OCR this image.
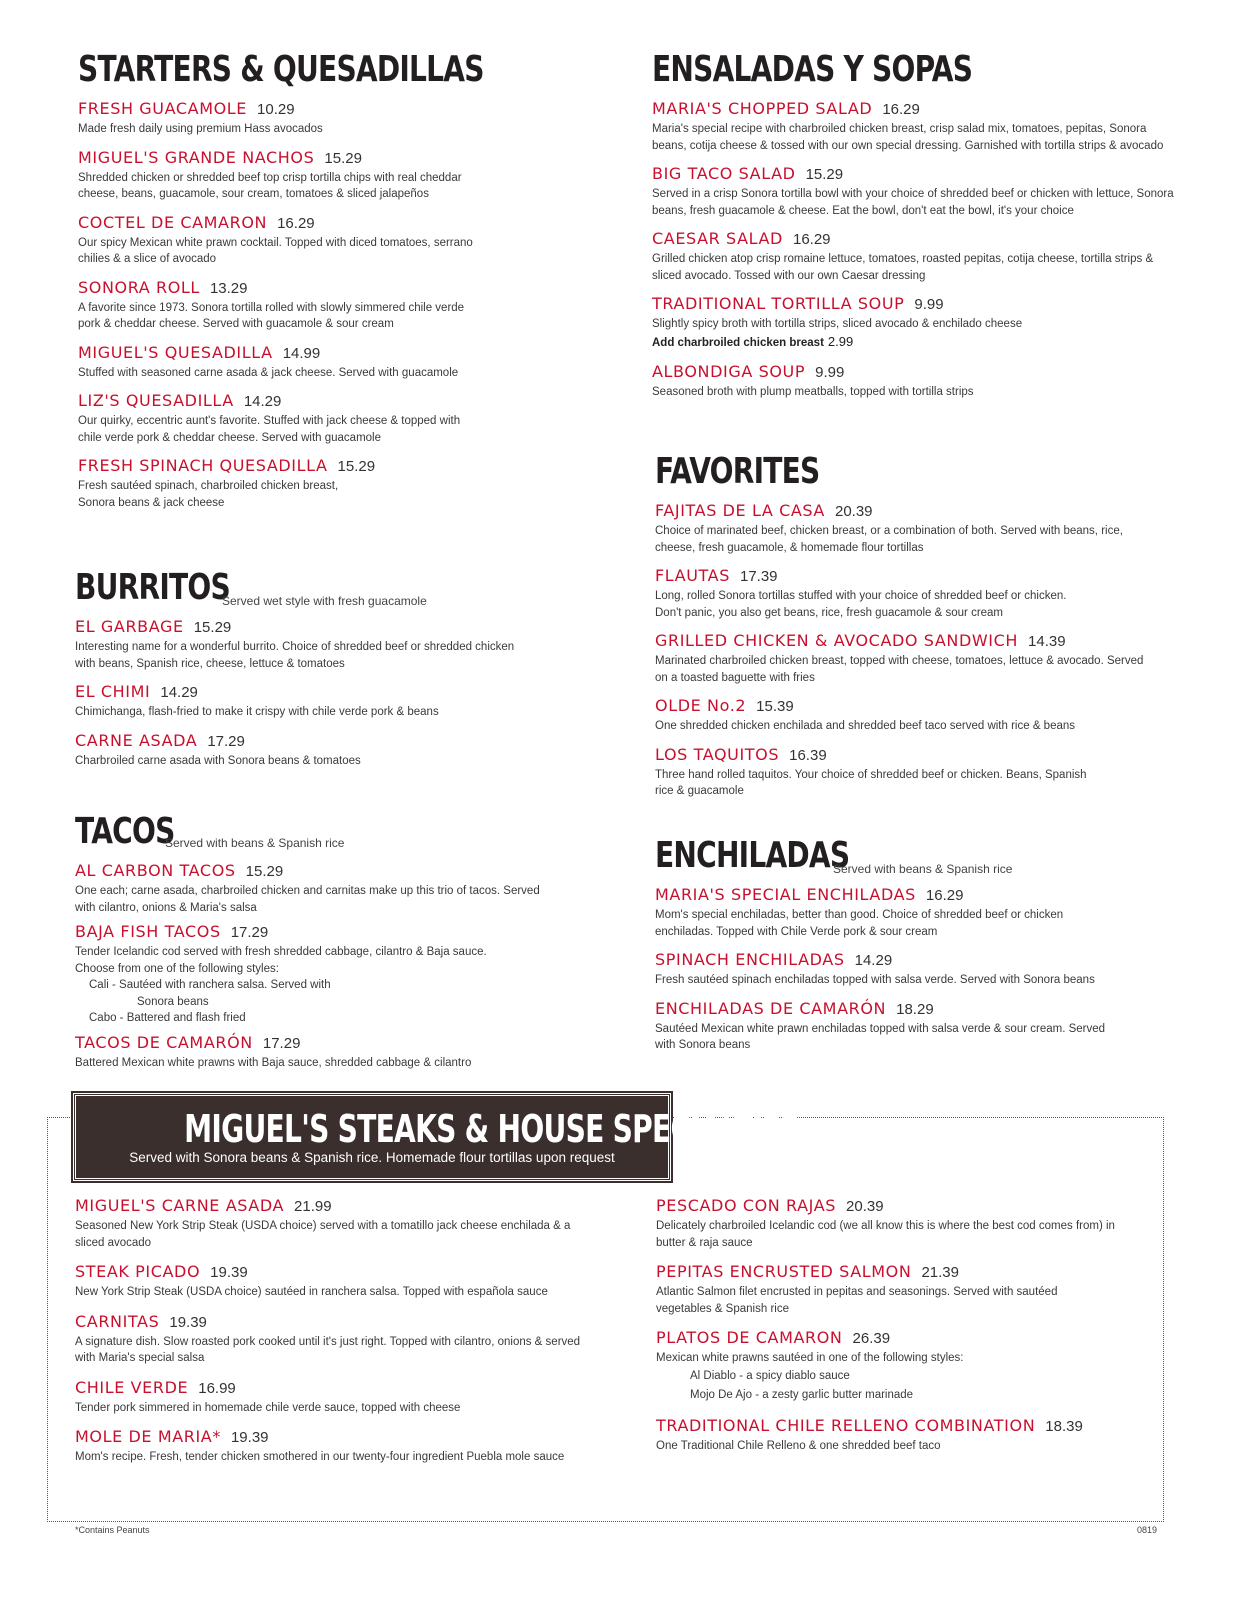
STARTERS & QUESADILLAS
FRESH GUACAMOLE 10.29
Made fresh daily using premium Hass avocados
MIGUEL'S GRANDE NACHOS 15.29
Shredded chicken or shredded beef top crisp tortilla chips with real cheddar cheese, beans, guacamole, sour cream, tomatoes & sliced jalapeños
COCTEL DE CAMARON 16.29
Our spicy Mexican white prawn cocktail. Topped with diced tomatoes, serrano chilies & a slice of avocado
SONORA ROLL 13.29
A favorite since 1973. Sonora tortilla rolled with slowly simmered chile verde pork & cheddar cheese. Served with guacamole & sour cream
MIGUEL'S QUESADILLA 14.99
Stuffed with seasoned carne asada & jack cheese. Served with guacamole
LIZ'S QUESADILLA 14.29
Our quirky, eccentric aunt's favorite. Stuffed with jack cheese & topped with chile verde pork & cheddar cheese. Served with guacamole
FRESH SPINACH QUESADILLA 15.29
Fresh sautéed spinach, charbroiled chicken breast, Sonora beans & jack cheese
BURRITOS
Served wet style with fresh guacamole
EL GARBAGE 15.29
Interesting name for a wonderful burrito. Choice of shredded beef or shredded chicken with beans, Spanish rice, cheese, lettuce & tomatoes
EL CHIMI 14.29
Chimichanga, flash-fried to make it crispy with chile verde pork & beans
CARNE ASADA 17.29
Charbroiled carne asada with Sonora beans & tomatoes
TACOS
Served with beans & Spanish rice
AL CARBON TACOS 15.29
One each; carne asada, charbroiled chicken and carnitas make up this trio of tacos. Served with cilantro, onions & Maria's salsa
BAJA FISH TACOS 17.29
Tender Icelandic cod served with fresh shredded cabbage, cilantro & Baja sauce.
Choose from one of the following styles:
Cali - Sautéed with ranchera salsa. Served with
Sonora beans
Cabo - Battered and flash fried
TACOS DE CAMARÓN 17.29
Battered Mexican white prawns with Baja sauce, shredded cabbage & cilantro
ENSALADAS Y SOPAS
MARIA'S CHOPPED SALAD 16.29
Maria's special recipe with charbroiled chicken breast, crisp salad mix, tomatoes, pepitas, Sonora beans, cotija cheese & tossed with our own special dressing. Garnished with tortilla strips & avocado
BIG TACO SALAD 15.29
Served in a crisp Sonora tortilla bowl with your choice of shredded beef or chicken with lettuce, Sonora beans, fresh guacamole & cheese. Eat the bowl, don't eat the bowl, it's your choice
CAESAR SALAD 16.29
Grilled chicken atop crisp romaine lettuce, tomatoes, roasted pepitas, cotija cheese, tortilla strips & sliced avocado. Tossed with our own Caesar dressing
TRADITIONAL TORTILLA SOUP 9.99
Slightly spicy broth with tortilla strips, sliced avocado & enchilado cheese
Add charbroiled chicken breast 2.99
ALBONDIGA SOUP 9.99
Seasoned broth with plump meatballs, topped with tortilla strips
FAVORITES
FAJITAS DE LA CASA 20.39
Choice of marinated beef, chicken breast, or a combination of both. Served with beans, rice, cheese, fresh guacamole, & homemade flour tortillas
FLAUTAS 17.39
Long, rolled Sonora tortillas stuffed with your choice of shredded beef or chicken. Don't panic, you also get beans, rice, fresh guacamole & sour cream
GRILLED CHICKEN & AVOCADO SANDWICH 14.39
Marinated charbroiled chicken breast, topped with cheese, tomatoes, lettuce & avocado. Served on a toasted baguette with fries
OLDE No.2 15.39
One shredded chicken enchilada and shredded beef taco served with rice & beans
LOS TAQUITOS 16.39
Three hand rolled taquitos. Your choice of shredded beef or chicken. Beans, Spanish rice & guacamole
ENCHILADAS
Served with beans & Spanish rice
MARIA'S SPECIAL ENCHILADAS 16.29
Mom's special enchiladas, better than good. Choice of shredded beef or chicken enchiladas. Topped with Chile Verde pork & sour cream
SPINACH ENCHILADAS 14.29
Fresh sautéed spinach enchiladas topped with salsa verde. Served with Sonora beans
ENCHILADAS DE CAMARÓN 18.29
Sautéed Mexican white prawn enchiladas topped with salsa verde & sour cream. Served with Sonora beans
MIGUEL'S STEAKS & HOUSE SPECIALTIES
Served with Sonora beans & Spanish rice. Homemade flour tortillas upon request
MIGUEL'S CARNE ASADA 21.99
Seasoned New York Strip Steak (USDA choice) served with a tomatillo jack cheese enchilada & a sliced avocado
STEAK PICADO 19.39
New York Strip Steak (USDA choice) sautéed in ranchera salsa. Topped with española sauce
CARNITAS 19.39
A signature dish. Slow roasted pork cooked until it's just right. Topped with cilantro, onions & served with Maria's special salsa
CHILE VERDE 16.99
Tender pork simmered in homemade chile verde sauce, topped with cheese
MOLE DE MARIA* 19.39
Mom's recipe. Fresh, tender chicken smothered in our twenty-four ingredient Puebla mole sauce
PESCADO CON RAJAS 20.39
Delicately charbroiled Icelandic cod (we all know this is where the best cod comes from) in butter & raja sauce
PEPITAS ENCRUSTED SALMON 21.39
Atlantic Salmon filet encrusted in pepitas and seasonings. Served with sautéed vegetables & Spanish rice
PLATOS DE CAMARON 26.39
Mexican white prawns sautéed in one of the following styles:
Al Diablo - a spicy diablo sauce
Mojo De Ajo - a zesty garlic butter marinade
TRADITIONAL CHILE RELLENO COMBINATION 18.39
One Traditional Chile Relleno & one shredded beef taco
*Contains Peanuts	0819
